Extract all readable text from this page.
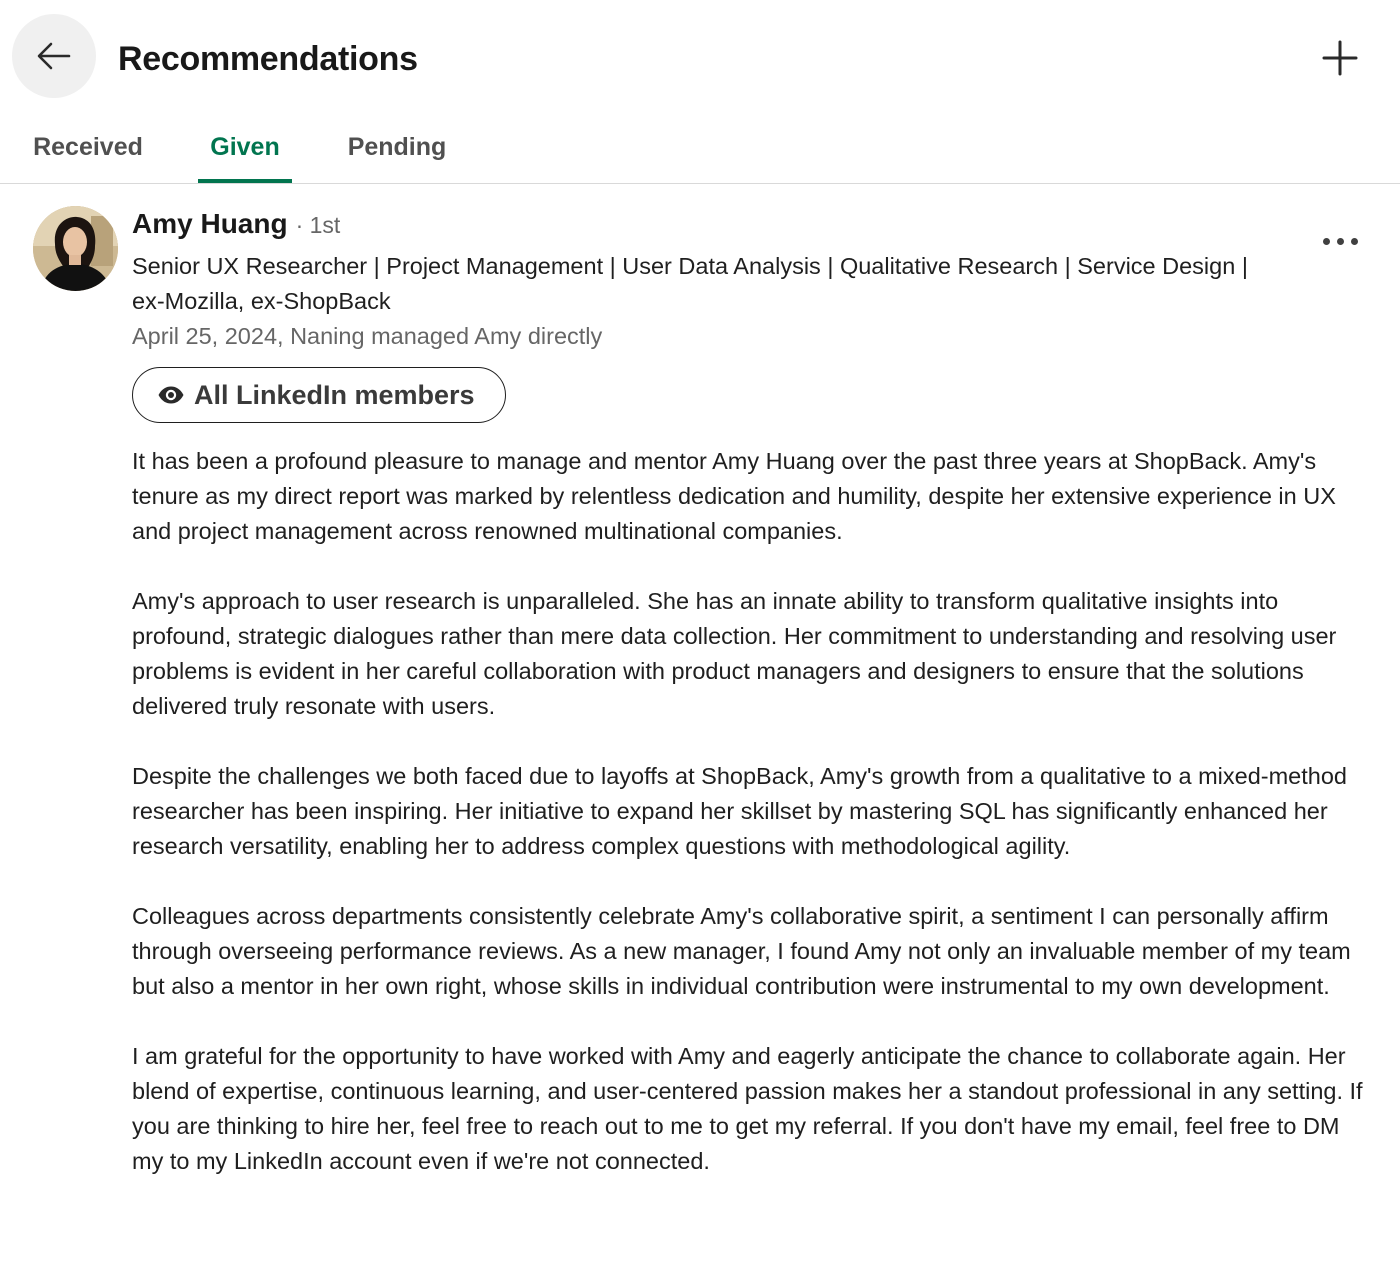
Recommendations
Received	Given	Pending
Amy Huang · 1st
Senior UX Researcher | Project Management | User Data Analysis | Qualitative Research | Service Design | ex-Mozilla, ex-ShopBack
April 25, 2024, Naning managed Amy directly
All LinkedIn members

It has been a profound pleasure to manage and mentor Amy Huang over the past three years at ShopBack. Amy's tenure as my direct report was marked by relentless dedication and humility, despite her extensive experience in UX and project management across renowned multinational companies.

Amy's approach to user research is unparalleled. She has an innate ability to transform qualitative insights into profound, strategic dialogues rather than mere data collection. Her commitment to understanding and resolving user problems is evident in her careful collaboration with product managers and designers to ensure that the solutions delivered truly resonate with users.

Despite the challenges we both faced due to layoffs at ShopBack, Amy's growth from a qualitative to a mixed-method researcher has been inspiring. Her initiative to expand her skillset by mastering SQL has significantly enhanced her research versatility, enabling her to address complex questions with methodological agility.

Colleagues across departments consistently celebrate Amy's collaborative spirit, a sentiment I can personally affirm through overseeing performance reviews. As a new manager, I found Amy not only an invaluable member of my team but also a mentor in her own right, whose skills in individual contribution were instrumental to my own development.

I am grateful for the opportunity to have worked with Amy and eagerly anticipate the chance to collaborate again. Her blend of expertise, continuous learning, and user-centered passion makes her a standout professional in any setting. If you are thinking to hire her, feel free to reach out to me to get my referral. If you don't have my email, feel free to DM my to my LinkedIn account even if we're not connected.
